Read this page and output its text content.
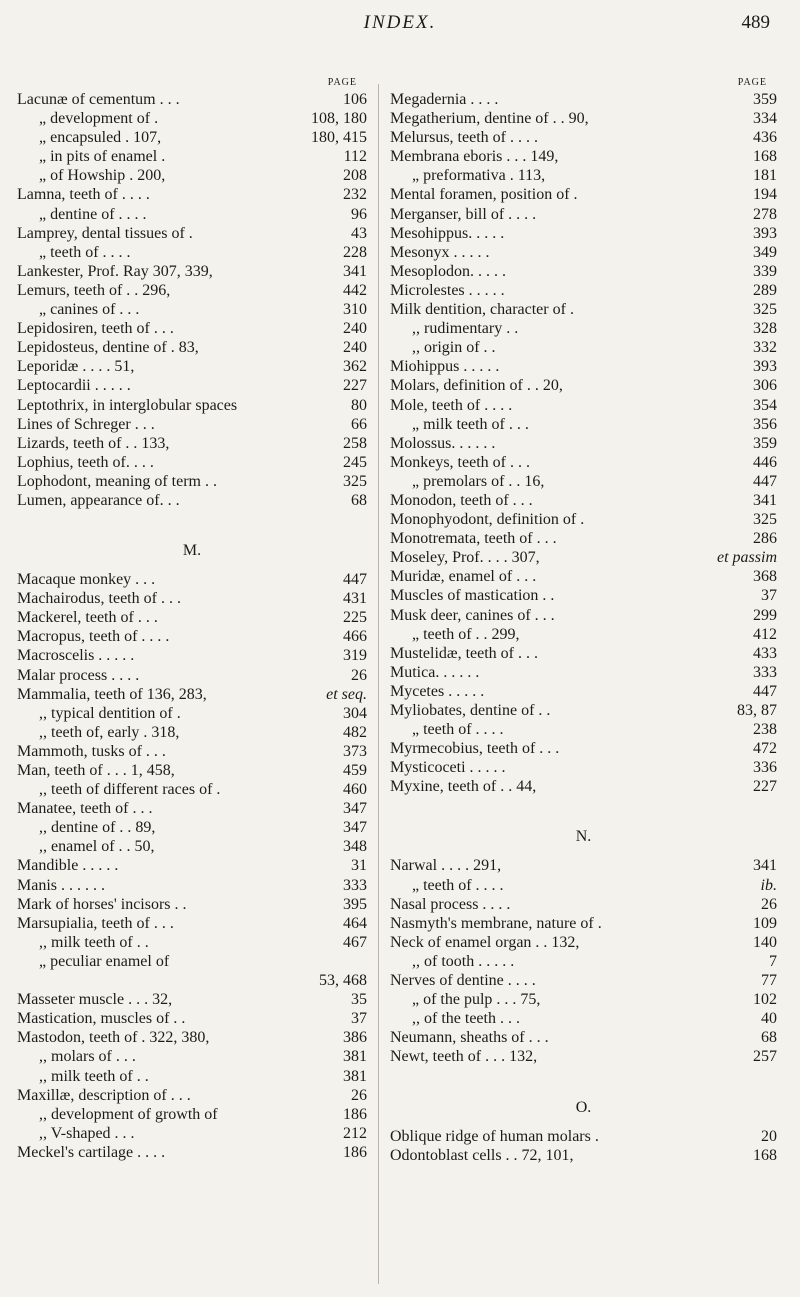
INDEX.	489
PAGE
Lacunæ of cementum . . .	106
„ development of .	108, 180
„ encapsuled . 107,	180, 415
„ in pits of enamel .	112
„ of Howship . 200,	208
Lamna, teeth of . . . .	232
„ dentine of . . . .	96
Lamprey, dental tissues of .	43
„ teeth of . . . .	228
Lankester, Prof. Ray 307, 339,	341
Lemurs, teeth of . . 296,	442
„ canines of . . .	310
Lepidosiren, teeth of . . .	240
Lepidosteus, dentine of . 83,	240
Leporidæ . . . . 51,	362
Leptocardii . . . . .	227
Leptothrix, in interglobular spaces	80
Lines of Schreger . . .	66
Lizards, teeth of . . 133,	258
Lophius, teeth of. . . .	245
Lophodont, meaning of term . .	325
Lumen, appearance of. . .	68
M.
Macaque monkey . . .	447
Machairodus, teeth of . . .	431
Mackerel, teeth of . . .	225
Macropus, teeth of . . . .	466
Macroscelis . . . . .	319
Malar process . . . .	26
Mammalia, teeth of 136, 283,	et seq.
,, typical dentition of .	304
,, teeth of, early . 318,	482
Mammoth, tusks of . . .	373
Man, teeth of . . . 1, 458,	459
,, teeth of different races of .	460
Manatee, teeth of . . .	347
,, dentine of . . 89,	347
,, enamel of . . 50,	348
Mandible . . . . .	31
Manis . . . . . .	333
Mark of horses' incisors . .	395
Marsupialia, teeth of . . .	464
,, milk teeth of . .	467
„ peculiar enamel of
53, 468
Masseter muscle . . . 32,	35
Mastication, muscles of . .	37
Mastodon, teeth of . 322, 380,	386
,, molars of . . .	381
,, milk teeth of . .	381
Maxillæ, description of . . .	26
,, development of growth of	186
,, V-shaped . . .	212
Meckel's cartilage . . . .	186
PAGE
Megadernia . . . .	359
Megatherium, dentine of . . 90,	334
Melursus, teeth of . . . .	436
Membrana eboris . . . 149,	168
„ preformativa . 113,	181
Mental foramen, position of .	194
Merganser, bill of . . . .	278
Mesohippus. . . . .	393
Mesonyx . . . . .	349
Mesoplodon. . . . .	339
Microlestes . . . . .	289
Milk dentition, character of .	325
,, rudimentary . .	328
,, origin of . .	332
Miohippus . . . . .	393
Molars, definition of . . 20,	306
Mole, teeth of . . . .	354
„ milk teeth of . . .	356
Molossus. . . . . .	359
Monkeys, teeth of . . .	446
„ premolars of . . 16,	447
Monodon, teeth of . . .	341
Monophyodont, definition of .	325
Monotremata, teeth of . . .	286
Moseley, Prof. . . . 307,	et passim
Muridæ, enamel of . . .	368
Muscles of mastication . .	37
Musk deer, canines of . . .	299
„ teeth of . . 299,	412
Mustelidæ, teeth of . . .	433
Mutica. . . . . .	333
Mycetes . . . . .	447
Myliobates, dentine of . .	83, 87
„ teeth of . . . .	238
Myrmecobius, teeth of . . .	472
Mysticoceti . . . . .	336
Myxine, teeth of . . 44,	227
N.
Narwal . . . . 291,	341
„ teeth of . . . .	ib.
Nasal process . . . .	26
Nasmyth's membrane, nature of .	109
Neck of enamel organ . . 132,	140
,, of tooth . . . . .	7
Nerves of dentine . . . .	77
„ of the pulp . . . 75,	102
,, of the teeth . . .	40
Neumann, sheaths of . . .	68
Newt, teeth of . . . 132,	257
O.
Oblique ridge of human molars .	20
Odontoblast cells . . 72, 101,	168
